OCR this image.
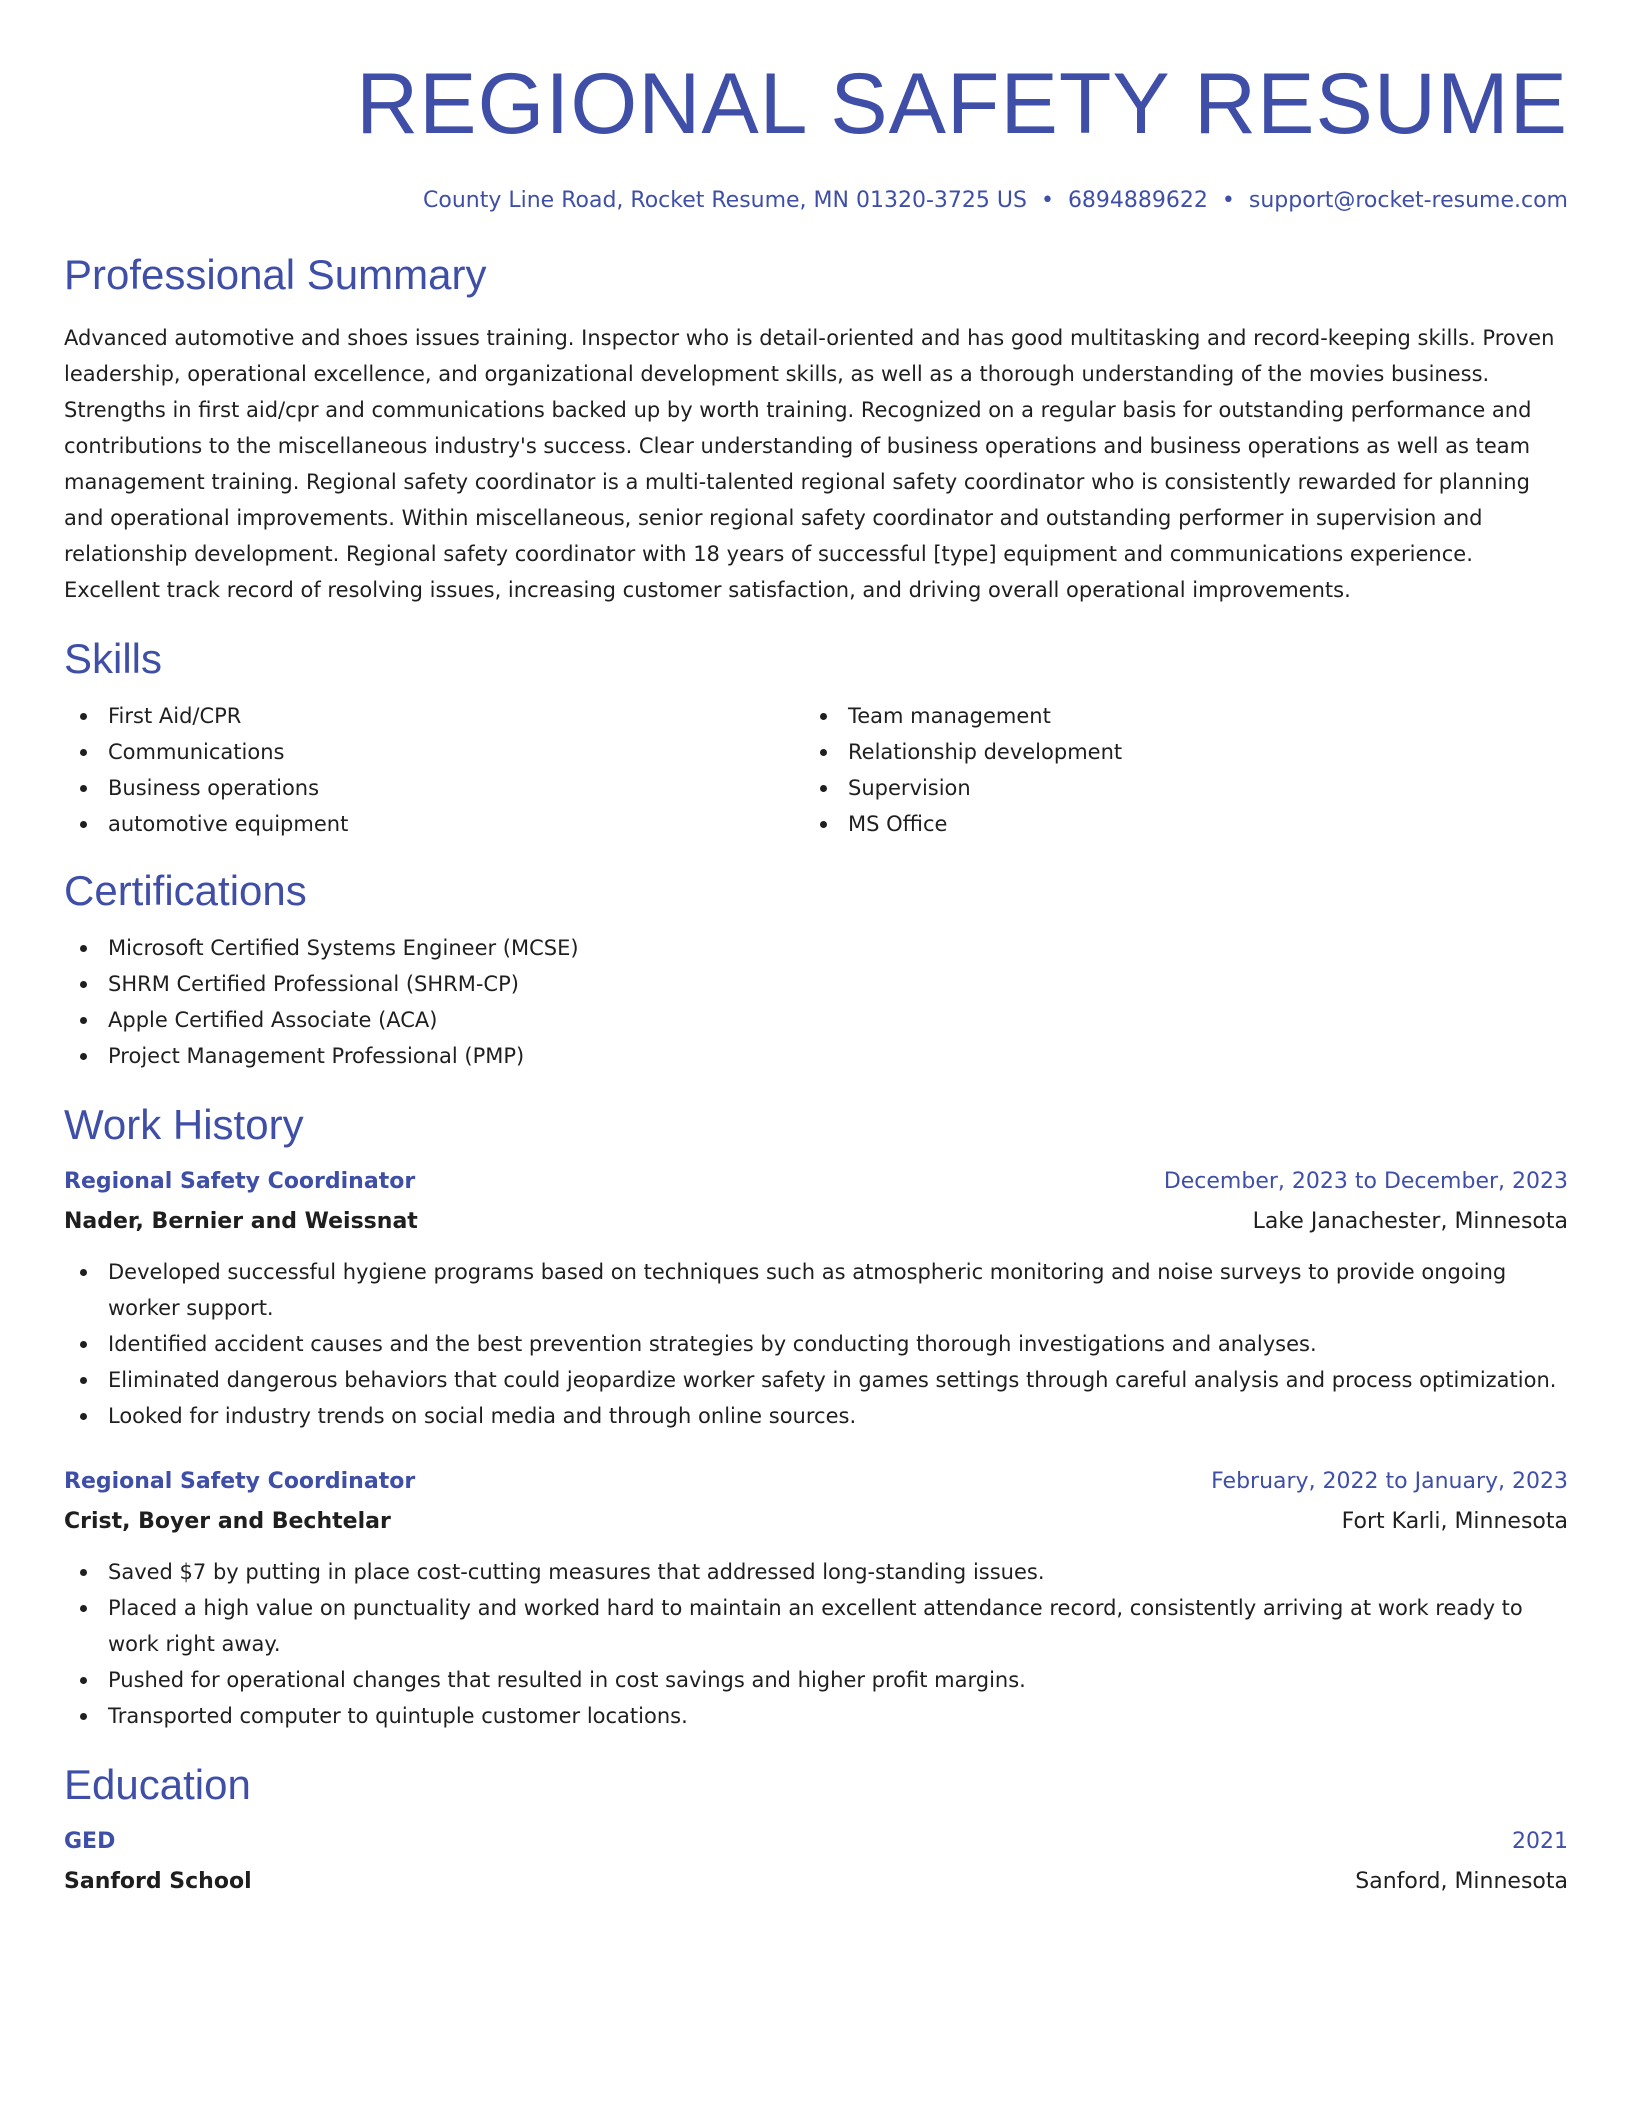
REGIONAL SAFETY RESUME
County Line Road, Rocket Resume, MN 01320-3725 US • 6894889622 • support@rocket-resume.com
Professional Summary

Advanced automotive and shoes issues training. Inspector who is detail-oriented and has good multitasking and record-keeping skills. Proven leadership, operational excellence, and organizational development skills, as well as a thorough understanding of the movies business. Strengths in first aid/cpr and communications backed up by worth training. Recognized on a regular basis for outstanding performance and contributions to the miscellaneous industry's success. Clear understanding of business operations and business operations as well as team management training. Regional safety coordinator is a multi-talented regional safety coordinator who is consistently rewarded for planning and operational improvements. Within miscellaneous, senior regional safety coordinator and outstanding performer in supervision and relationship development. Regional safety coordinator with 18 years of successful [type] equipment and communications experience. Excellent track record of resolving issues, increasing customer satisfaction, and driving overall operational improvements.

Skills
First Aid/CPR
Communications
Business operations
automotive equipment
Team management
Relationship development
Supervision
MS Office
Certifications
Microsoft Certified Systems Engineer (MCSE)
SHRM Certified Professional (SHRM-CP)
Apple Certified Associate (ACA)
Project Management Professional (PMP)
Work History
Regional Safety Coordinator	December, 2023 to December, 2023
Nader, Bernier and Weissnat	Lake Janachester, Minnesota
Developed successful hygiene programs based on techniques such as atmospheric monitoring and noise surveys to provide ongoing worker support.
Identified accident causes and the best prevention strategies by conducting thorough investigations and analyses.
Eliminated dangerous behaviors that could jeopardize worker safety in games settings through careful analysis and process optimization.
Looked for industry trends on social media and through online sources.
Regional Safety Coordinator	February, 2022 to January, 2023
Crist, Boyer and Bechtelar	Fort Karli, Minnesota
Saved $7 by putting in place cost-cutting measures that addressed long-standing issues.
Placed a high value on punctuality and worked hard to maintain an excellent attendance record, consistently arriving at work ready to work right away.
Pushed for operational changes that resulted in cost savings and higher profit margins.
Transported computer to quintuple customer locations.
Education
GED	2021
Sanford School	Sanford, Minnesota
